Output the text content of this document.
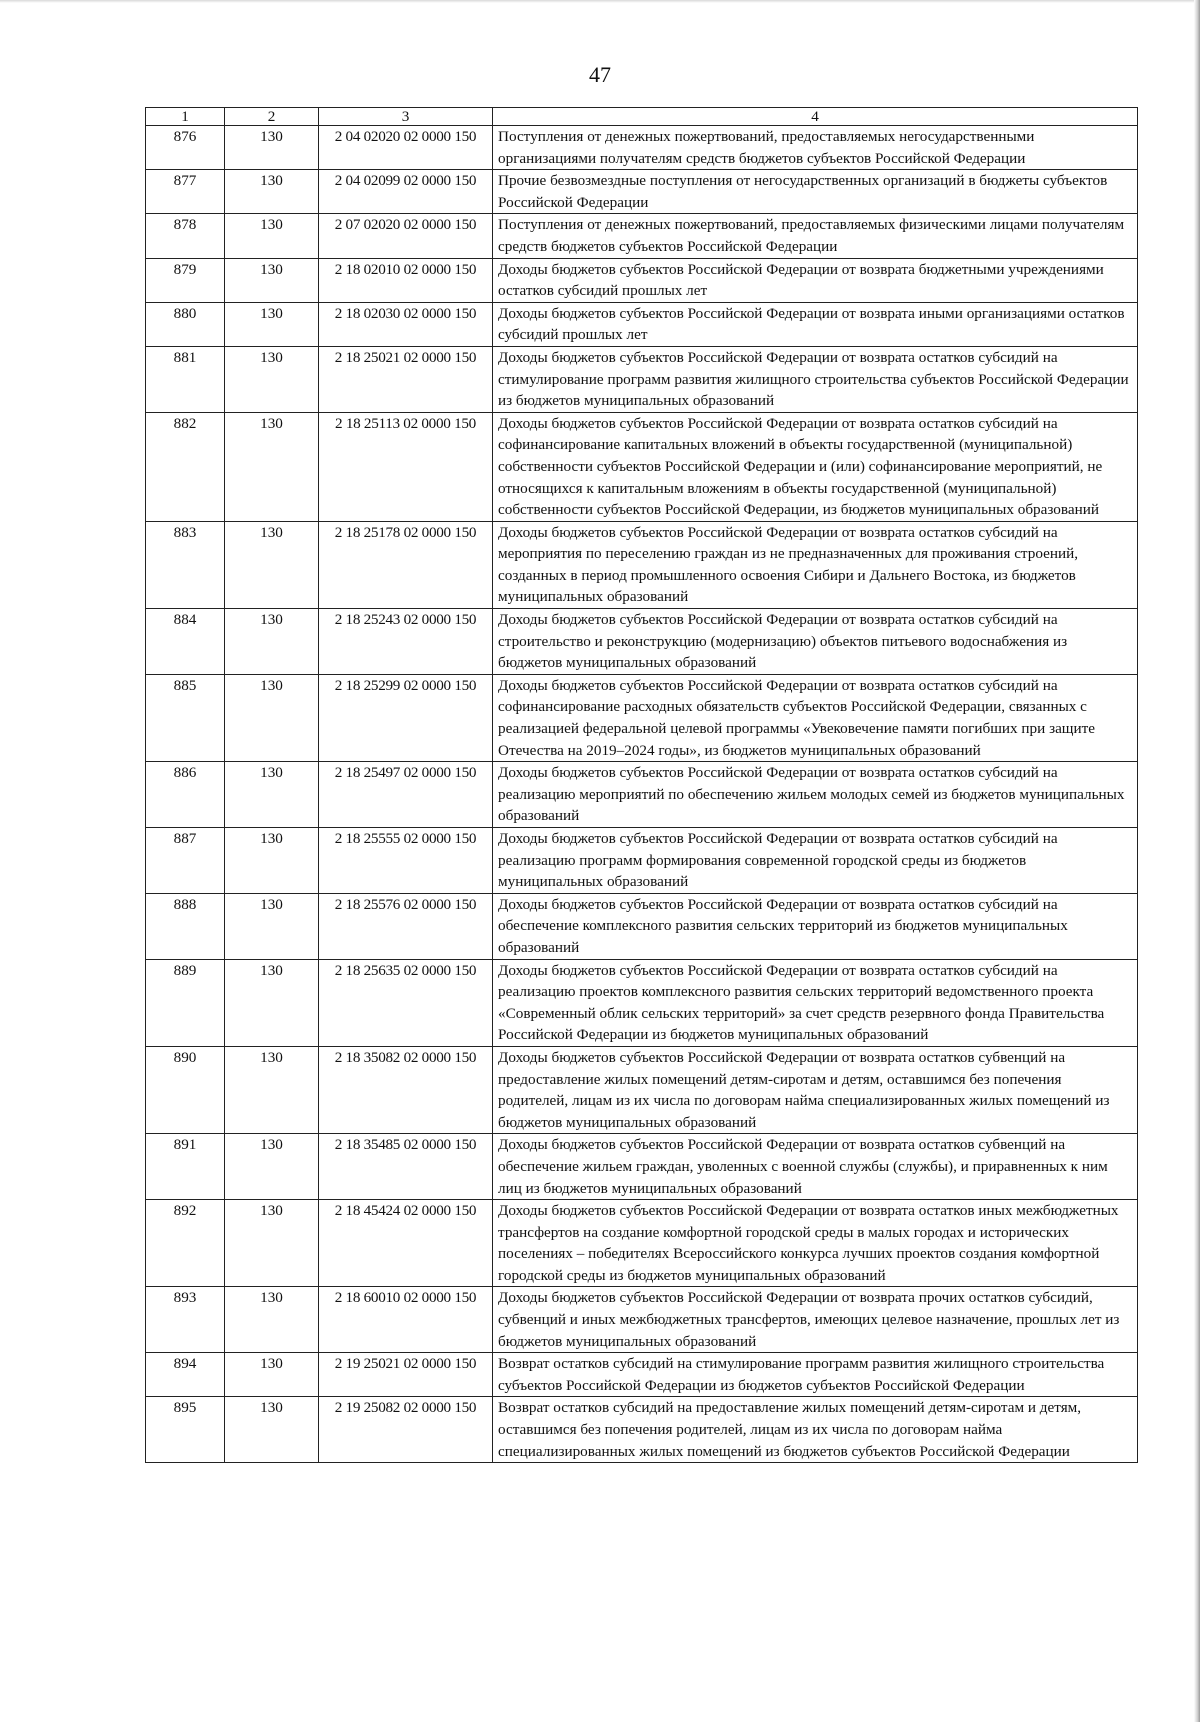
47
1	2	3	4
876	130	2 04 02020 02 0000 150	Поступления от денежных пожертвований, предоставляемых негосударственными организациями получателям средств бюджетов субъектов Российской Федерации
877	130	2 04 02099 02 0000 150	Прочие безвозмездные поступления от негосударственных организаций в бюджеты субъектов Российской Федерации
878	130	2 07 02020 02 0000 150	Поступления от денежных пожертвований, предоставляемых физическими лицами получателям средств бюджетов субъектов Российской Федерации
879	130	2 18 02010 02 0000 150	Доходы бюджетов субъектов Российской Федерации от возврата бюджетными учреждениями остатков субсидий прошлых лет
880	130	2 18 02030 02 0000 150	Доходы бюджетов субъектов Российской Федерации от возврата иными организациями остатков субсидий прошлых лет
881	130	2 18 25021 02 0000 150	Доходы бюджетов субъектов Российской Федерации от возврата остатков субсидий на стимулирование программ развития жилищного строительства субъектов Российской Федерации из бюджетов муниципальных образований
882	130	2 18 25113 02 0000 150	Доходы бюджетов субъектов Российской Федерации от возврата остатков субсидий на софинансирование капитальных вложений в объекты государственной (муниципальной) собственности субъектов Российской Федерации и (или) софинансирование мероприятий, не относящихся к капитальным вложениям в объекты государственной (муниципальной) собственности субъектов Российской Федерации, из бюджетов муниципальных образований
883	130	2 18 25178 02 0000 150	Доходы бюджетов субъектов Российской Федерации от возврата остатков субсидий на мероприятия по переселению граждан из не предназначенных для проживания строений, созданных в период промышленного освоения Сибири и Дальнего Востока, из бюджетов муниципальных образований
884	130	2 18 25243 02 0000 150	Доходы бюджетов субъектов Российской Федерации от возврата остатков субсидий на строительство и реконструкцию (модернизацию) объектов питьевого водоснабжения из бюджетов муниципальных образований
885	130	2 18 25299 02 0000 150	Доходы бюджетов субъектов Российской Федерации от возврата остатков субсидий на софинансирование расходных обязательств субъектов Российской Федерации, связанных с реализацией федеральной целевой программы «Увековечение памяти погибших при защите Отечества на 2019–2024 годы», из бюджетов муниципальных образований
886	130	2 18 25497 02 0000 150	Доходы бюджетов субъектов Российской Федерации от возврата остатков субсидий на реализацию мероприятий по обеспечению жильем молодых семей из бюджетов муниципальных образований
887	130	2 18 25555 02 0000 150	Доходы бюджетов субъектов Российской Федерации от возврата остатков субсидий на реализацию программ формирования современной городской среды из бюджетов муниципальных образований
888	130	2 18 25576 02 0000 150	Доходы бюджетов субъектов Российской Федерации от возврата остатков субсидий на обеспечение комплексного развития сельских территорий из бюджетов муниципальных образований
889	130	2 18 25635 02 0000 150	Доходы бюджетов субъектов Российской Федерации от возврата остатков субсидий на реализацию проектов комплексного развития сельских территорий ведомственного проекта «Современный облик сельских территорий» за счет средств резервного фонда Правительства Российской Федерации из бюджетов муниципальных образований
890	130	2 18 35082 02 0000 150	Доходы бюджетов субъектов Российской Федерации от возврата остатков субвенций на предоставление жилых помещений детям-сиротам и детям, оставшимся без попечения родителей, лицам из их числа по договорам найма специализированных жилых помещений из бюджетов муниципальных образований
891	130	2 18 35485 02 0000 150	Доходы бюджетов субъектов Российской Федерации от возврата остатков субвенций на обеспечение жильем граждан, уволенных с военной службы (службы), и приравненных к ним лиц из бюджетов муниципальных образований
892	130	2 18 45424 02 0000 150	Доходы бюджетов субъектов Российской Федерации от возврата остатков иных межбюджетных трансфертов на создание комфортной городской среды в малых городах и исторических поселениях – победителях Всероссийского конкурса лучших проектов создания комфортной городской среды из бюджетов муниципальных образований
893	130	2 18 60010 02 0000 150	Доходы бюджетов субъектов Российской Федерации от возврата прочих остатков субсидий, субвенций и иных межбюджетных трансфертов, имеющих целевое назначение, прошлых лет из бюджетов муниципальных образований
894	130	2 19 25021 02 0000 150	Возврат остатков субсидий на стимулирование программ развития жилищного строительства субъектов Российской Федерации из бюджетов субъектов Российской Федерации
895	130	2 19 25082 02 0000 150	Возврат остатков субсидий на предоставление жилых помещений детям-сиротам и детям, оставшимся без попечения родителей, лицам из их числа по договорам найма специализированных жилых помещений из бюджетов субъектов Российской Федерации
